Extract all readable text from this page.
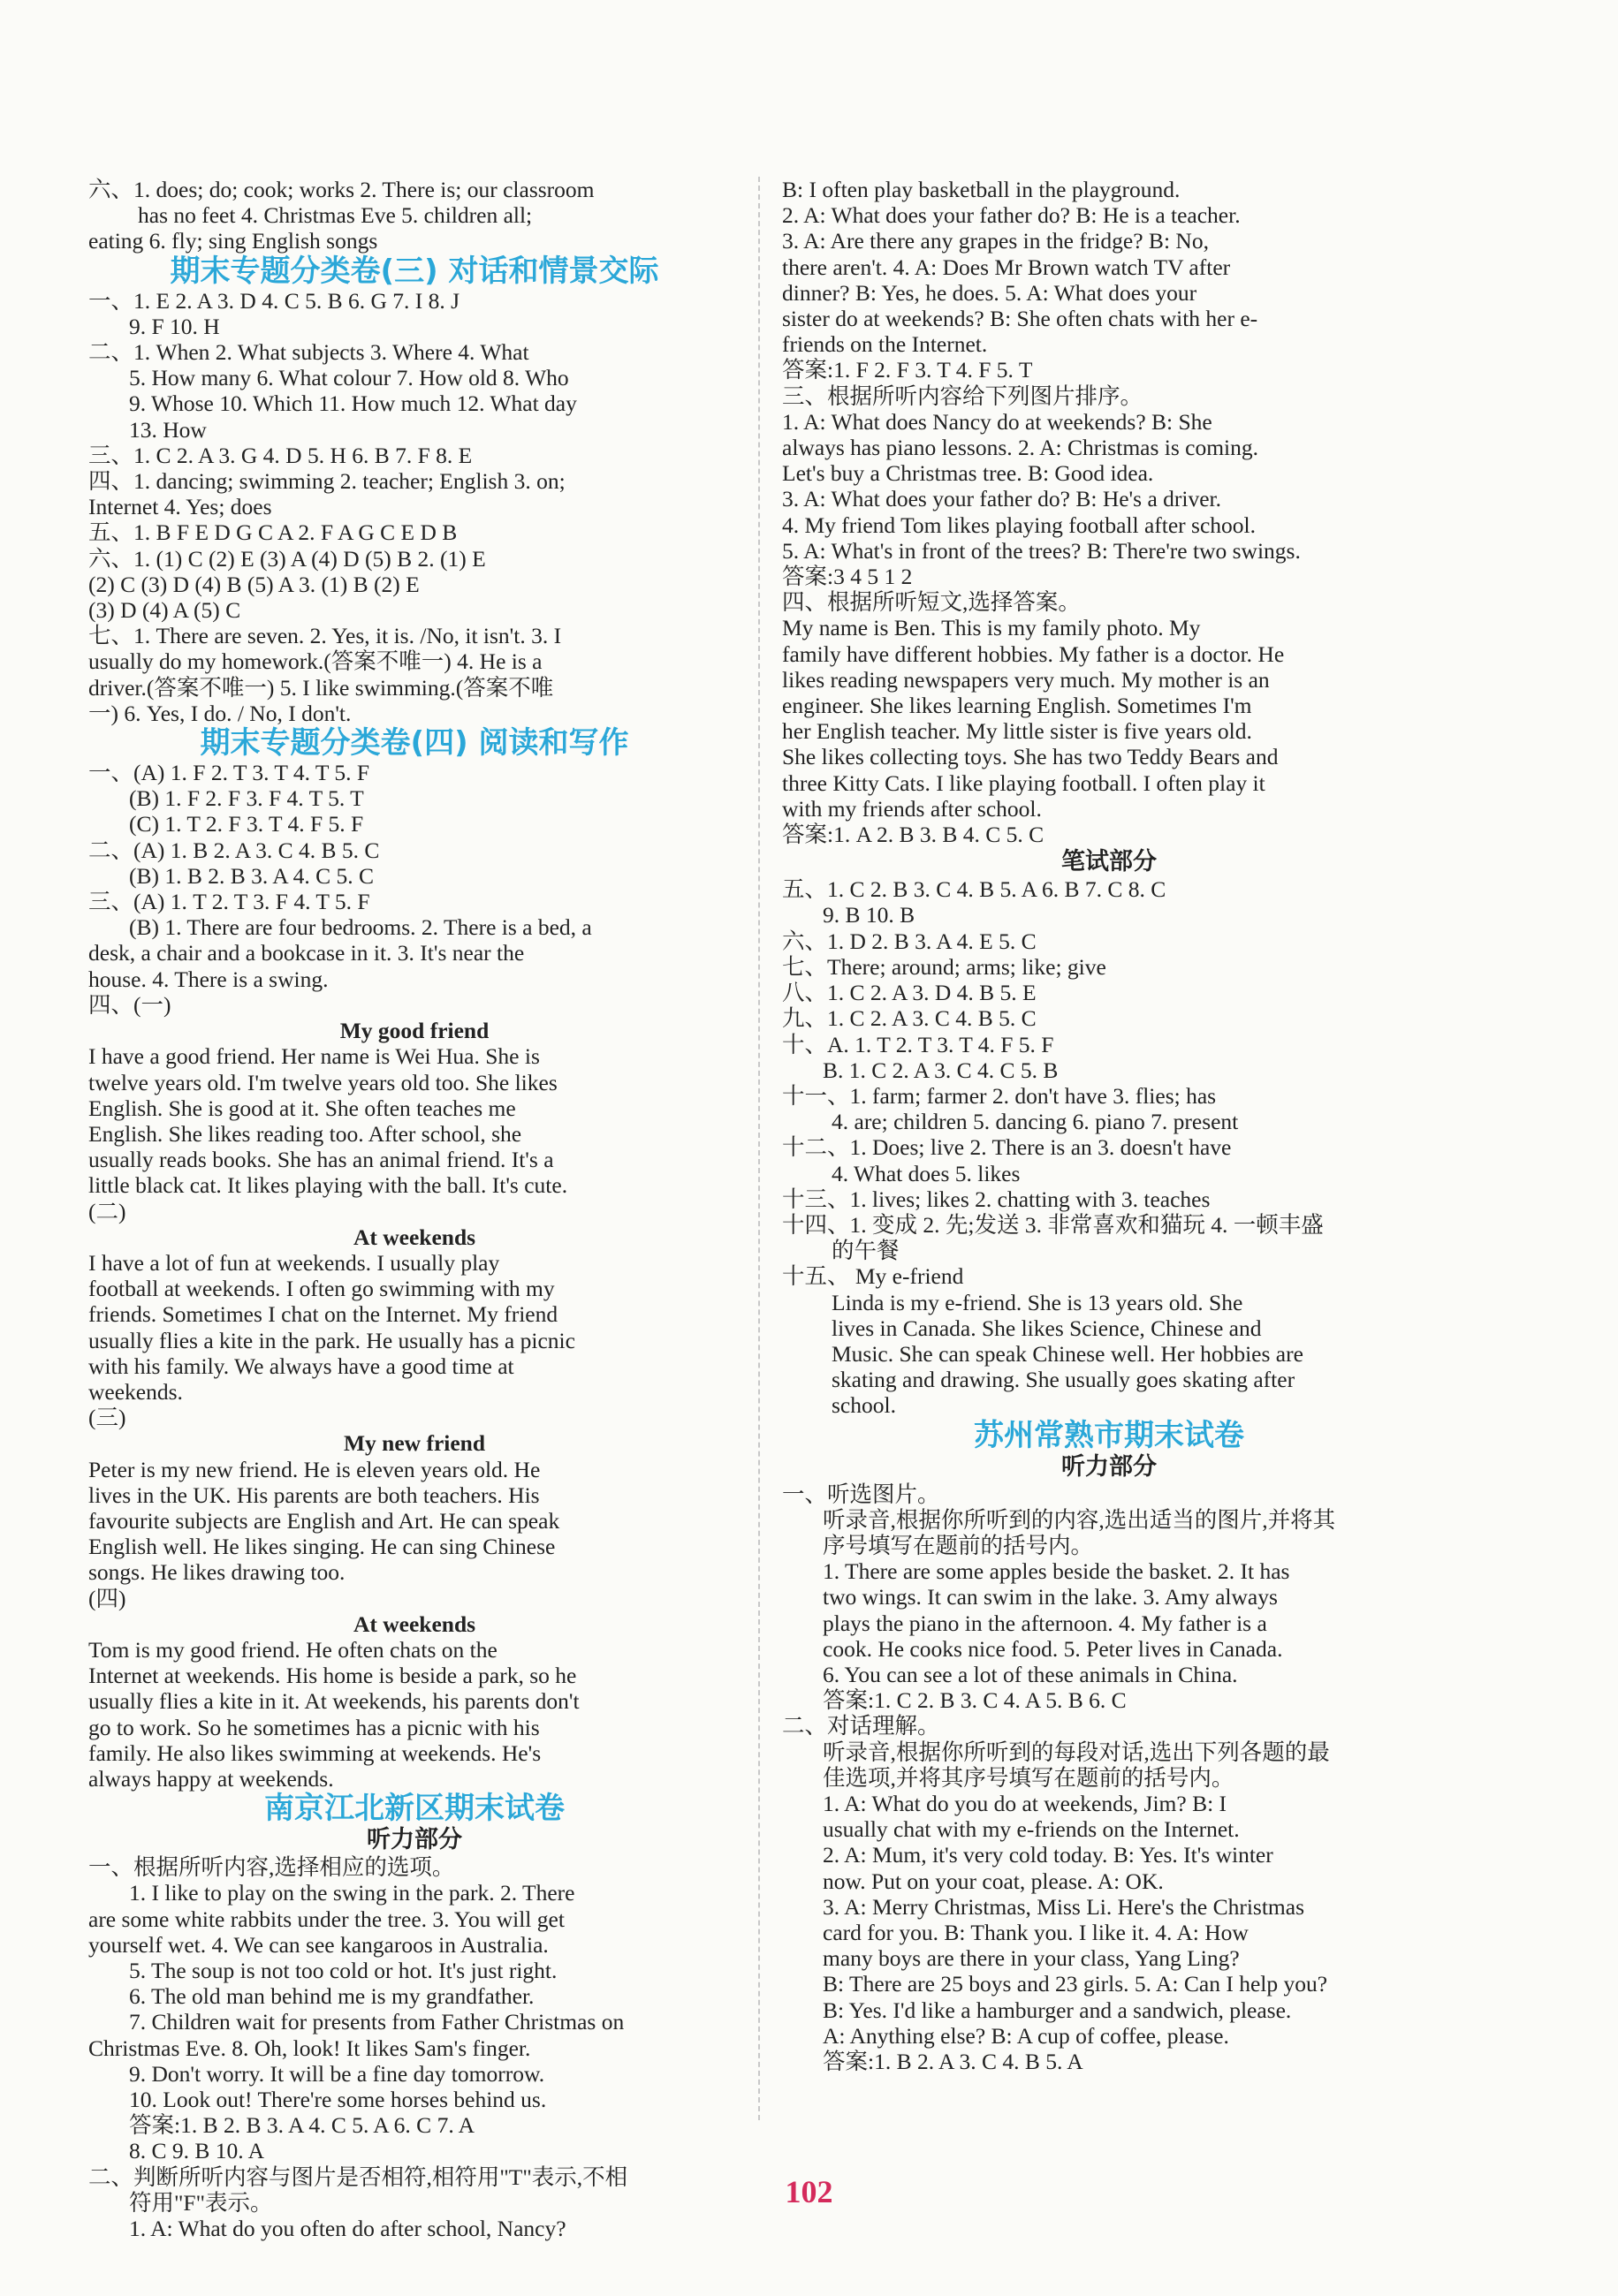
六、1. does; do; cook; works 2. There is; our classroom
has no feet 4. Christmas Eve 5. children all;
eating 6. fly; sing English songs
期末专题分类卷(三) 对话和情景交际
一、1. E 2. A 3. D 4. C 5. B 6. G 7. I 8. J
9. F 10. H
二、1. When 2. What subjects 3. Where 4. What
5. How many 6. What colour 7. How old 8. Who
9. Whose 10. Which 11. How much 12. What day
13. How
三、1. C 2. A 3. G 4. D 5. H 6. B 7. F 8. E
四、1. dancing; swimming 2. teacher; English 3. on;
Internet 4. Yes; does
五、1. B F E D G C A 2. F A G C E D B
六、1. (1) C (2) E (3) A (4) D (5) B 2. (1) E
(2) C (3) D (4) B (5) A 3. (1) B (2) E
(3) D (4) A (5) C
七、1. There are seven. 2. Yes, it is. /No, it isn't. 3. I
usually do my homework.(答案不唯一) 4. He is a
driver.(答案不唯一) 5. I like swimming.(答案不唯
一) 6. Yes, I do. / No, I don't.
期末专题分类卷(四) 阅读和写作
一、(A) 1. F 2. T 3. T 4. T 5. F
(B) 1. F 2. F 3. F 4. T 5. T
(C) 1. T 2. F 3. T 4. F 5. F
二、(A) 1. B 2. A 3. C 4. B 5. C
(B) 1. B 2. B 3. A 4. C 5. C
三、(A) 1. T 2. T 3. F 4. T 5. F
(B) 1. There are four bedrooms. 2. There is a bed, a
desk, a chair and a bookcase in it. 3. It's near the
house. 4. There is a swing.
四、(一)
My good friend
I have a good friend. Her name is Wei Hua. She is
twelve years old. I'm twelve years old too. She likes
English. She is good at it. She often teaches me
English. She likes reading too. After school, she
usually reads books. She has an animal friend. It's a
little black cat. It likes playing with the ball. It's cute.
(二)
At weekends
I have a lot of fun at weekends. I usually play
football at weekends. I often go swimming with my
friends. Sometimes I chat on the Internet. My friend
usually flies a kite in the park. He usually has a picnic
with his family. We always have a good time at
weekends.
(三)
My new friend
Peter is my new friend. He is eleven years old. He
lives in the UK. His parents are both teachers. His
favourite subjects are English and Art. He can speak
English well. He likes singing. He can sing Chinese
songs. He likes drawing too.
(四)
At weekends
Tom is my good friend. He often chats on the
Internet at weekends. His home is beside a park, so he
usually flies a kite in it. At weekends, his parents don't
go to work. So he sometimes has a picnic with his
family. He also likes swimming at weekends. He's
always happy at weekends.
南京江北新区期末试卷
听力部分
一、根据所听内容,选择相应的选项。
1. I like to play on the swing in the park. 2. There
are some white rabbits under the tree. 3. You will get
yourself wet. 4. We can see kangaroos in Australia.
5. The soup is not too cold or hot. It's just right.
6. The old man behind me is my grandfather.
7. Children wait for presents from Father Christmas on
Christmas Eve. 8. Oh, look! It likes Sam's finger.
9. Don't worry. It will be a fine day tomorrow.
10. Look out! There're some horses behind us.
答案:1. B 2. B 3. A 4. C 5. A 6. C 7. A
8. C 9. B 10. A
二、判断所听内容与图片是否相符,相符用"T"表示,不相
符用"F"表示。
1. A: What do you often do after school, Nancy?
B: I often play basketball in the playground.
2. A: What does your father do? B: He is a teacher.
3. A: Are there any grapes in the fridge? B: No,
there aren't. 4. A: Does Mr Brown watch TV after
dinner? B: Yes, he does. 5. A: What does your
sister do at weekends? B: She often chats with her e-
friends on the Internet.
答案:1. F 2. F 3. T 4. F 5. T
三、根据所听内容给下列图片排序。
1. A: What does Nancy do at weekends? B: She
always has piano lessons. 2. A: Christmas is coming.
Let's buy a Christmas tree. B: Good idea.
3. A: What does your father do? B: He's a driver.
4. My friend Tom likes playing football after school.
5. A: What's in front of the trees? B: There're two swings.
答案:3 4 5 1 2
四、根据所听短文,选择答案。
My name is Ben. This is my family photo. My
family have different hobbies. My father is a doctor. He
likes reading newspapers very much. My mother is an
engineer. She likes learning English. Sometimes I'm
her English teacher. My little sister is five years old.
She likes collecting toys. She has two Teddy Bears and
three Kitty Cats. I like playing football. I often play it
with my friends after school.
答案:1. A 2. B 3. B 4. C 5. C
笔试部分
五、1. C 2. B 3. C 4. B 5. A 6. B 7. C 8. C
9. B 10. B
六、1. D 2. B 3. A 4. E 5. C
七、There; around; arms; like; give
八、1. C 2. A 3. D 4. B 5. E
九、1. C 2. A 3. C 4. B 5. C
十、A. 1. T 2. T 3. T 4. F 5. F
B. 1. C 2. A 3. C 4. C 5. B
十一、1. farm; farmer 2. don't have 3. flies; has
4. are; children 5. dancing 6. piano 7. present
十二、1. Does; live 2. There is an 3. doesn't have
4. What does 5. likes
十三、1. lives; likes 2. chatting with 3. teaches
十四、1. 变成 2. 先;发送 3. 非常喜欢和猫玩 4. 一顿丰盛
的午餐
十五、 My e-friend
Linda is my e-friend. She is 13 years old. She
lives in Canada. She likes Science, Chinese and
Music. She can speak Chinese well. Her hobbies are
skating and drawing. She usually goes skating after
school.
苏州常熟市期末试卷
听力部分
一、听选图片。
听录音,根据你所听到的内容,选出适当的图片,并将其
序号填写在题前的括号内。
1. There are some apples beside the basket. 2. It has
two wings. It can swim in the lake. 3. Amy always
plays the piano in the afternoon. 4. My father is a
cook. He cooks nice food. 5. Peter lives in Canada.
6. You can see a lot of these animals in China.
答案:1. C 2. B 3. C 4. A 5. B 6. C
二、对话理解。
听录音,根据你所听到的每段对话,选出下列各题的最
佳选项,并将其序号填写在题前的括号内。
1. A: What do you do at weekends, Jim? B: I
usually chat with my e-friends on the Internet.
2. A: Mum, it's very cold today. B: Yes. It's winter
now. Put on your coat, please. A: OK.
3. A: Merry Christmas, Miss Li. Here's the Christmas
card for you. B: Thank you. I like it. 4. A: How
many boys are there in your class, Yang Ling?
B: There are 25 boys and 23 girls. 5. A: Can I help you?
B: Yes. I'd like a hamburger and a sandwich, please.
A: Anything else? B: A cup of coffee, please.
答案:1. B 2. A 3. C 4. B 5. A
102
